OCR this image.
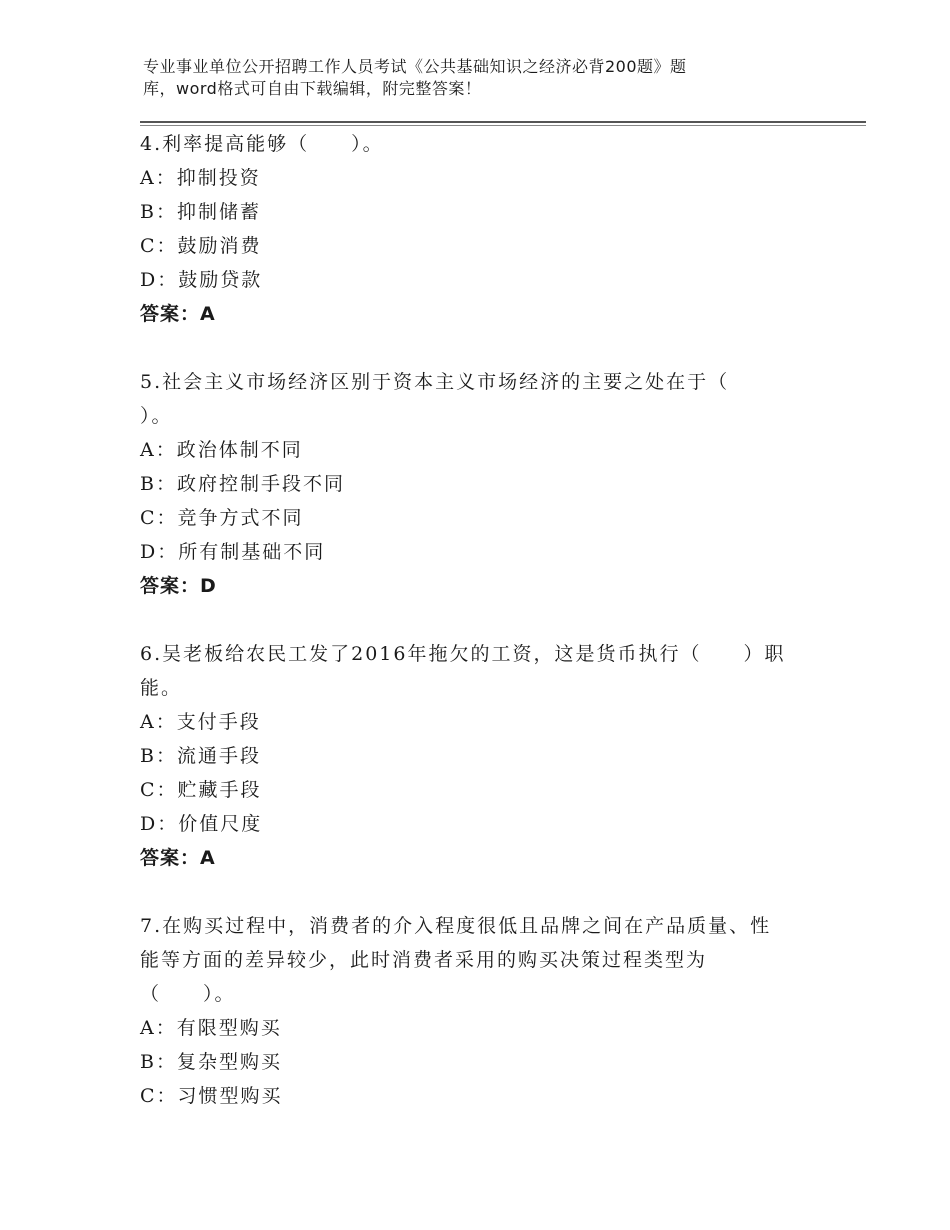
专业事业单位公开招聘工作人员考试《公共基础知识之经济必背200题》题
库，word格式可自由下载编辑，附完整答案！
4.利率提高能够（　　）。
A：抑制投资
B：抑制储蓄
C：鼓励消费
D：鼓励贷款
答案：A
5.社会主义市场经济区别于资本主义市场经济的主要之处在于（
）。
A：政治体制不同
B：政府控制手段不同
C：竞争方式不同
D：所有制基础不同
答案：D
6.吴老板给农民工发了2016年拖欠的工资，这是货币执行（　　）职
能。
A：支付手段
B：流通手段
C：贮藏手段
D：价值尺度
答案：A
7.在购买过程中，消费者的介入程度很低且品牌之间在产品质量、性
能等方面的差异较少，此时消费者采用的购买决策过程类型为
（　　）。
A：有限型购买
B：复杂型购买
C：习惯型购买
